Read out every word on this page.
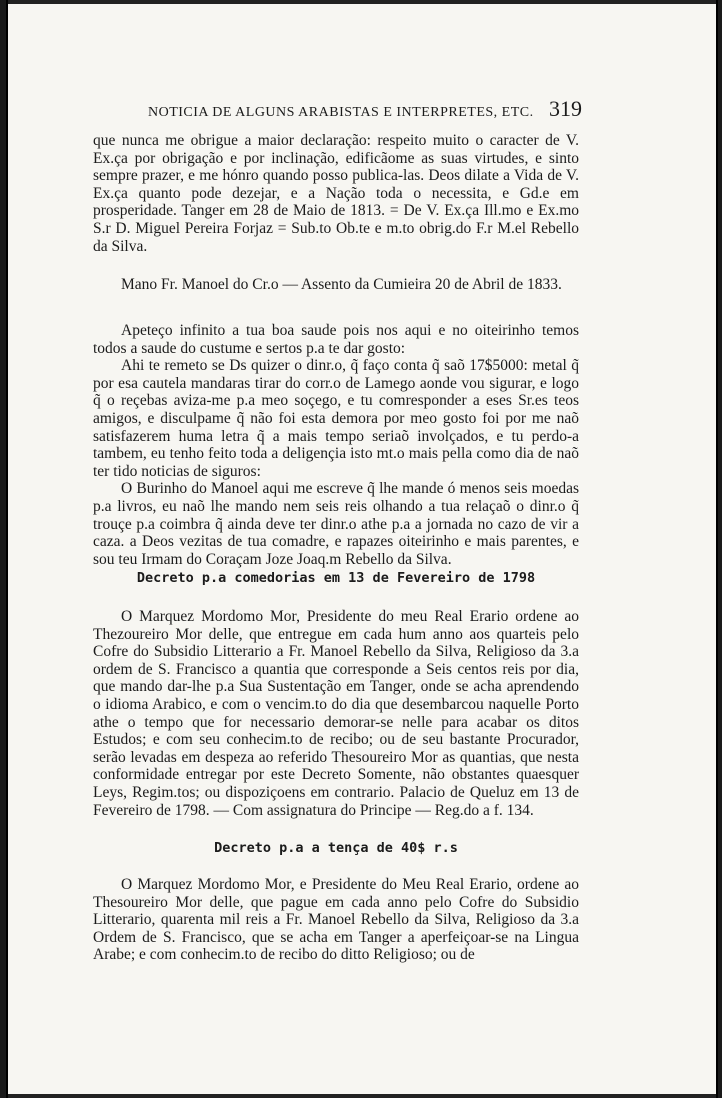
NOTICIA DE ALGUNS ARABISTAS E INTERPRETES, ETC. 319

que nunca me obrigue a maior declaração: respeito muito o caracter de V. Ex.ça por obrigação e por inclinação, edificãome as suas virtudes, e sinto sempre prazer, e me hónro quando posso publica-las. Deos dilate a Vida de V. Ex.ça quanto pode dezejar, e a Nação toda o necessita, e Gd.e em prosperidade. Tanger em 28 de Maio de 1813. = De V. Ex.ça Ill.mo e Ex.mo S.r D. Miguel Pereira Forjaz = Sub.to Ob.te e m.to obrig.do F.r M.el Rebello da Silva.

Mano Fr. Manoel do Cr.o — Assento da Cumieira 20 de Abril de 1833.

Apeteço infinito a tua boa saude pois nos aqui e no oiteirinho temos todos a saude do custume e sertos p.a te dar gosto:

Ahi te remeto se Ds quizer o dinr.o, q̃ faço conta q̃ saõ 17$5000: metal q̃ por esa cautela mandaras tirar do corr.o de Lamego aonde vou sigurar, e logo q̃ o reçebas aviza-me p.a meo soçego, e tu comresponder a eses Sr.es teos amigos, e disculpame q̃ não foi esta demora por meo gosto foi por me naõ satisfazerem huma letra q̃ a mais tempo seriaõ involçados, e tu perdo-a tambem, eu tenho feito toda a deligençia isto mt.o mais pella como dia de naõ ter tido noticias de siguros:

O Burinho do Manoel aqui me escreve q̃ lhe mande ó menos seis moedas p.a livros, eu naõ lhe mando nem seis reis olhando a tua relaçaõ o dinr.o q̃ trouçe p.a coimbra q̃ ainda deve ter dinr.o athe p.a a jornada no cazo de vir a caza. a Deos vezitas de tua comadre, e rapazes oiteirinho e mais parentes, e sou teu Irmam do Coraçam Joze Joaq.m Rebello da Silva.

Decreto p.a comedorias em 13 de Fevereiro de 1798

O Marquez Mordomo Mor, Presidente do meu Real Erario ordene ao Thezoureiro Mor delle, que entregue em cada hum anno aos quarteis pelo Cofre do Subsidio Litterario a Fr. Manoel Rebello da Silva, Religioso da 3.a ordem de S. Francisco a quantia que corresponde a Seis centos reis por dia, que mando dar-lhe p.a Sua Sustentação em Tanger, onde se acha aprendendo o idioma Arabico, e com o vencim.to do dia que desembarcou naquelle Porto athe o tempo que for necessario demorar-se nelle para acabar os ditos Estudos; e com seu conhecim.to de recibo; ou de seu bastante Procurador, serão levadas em despeza ao referido Thesoureiro Mor as quantias, que nesta conformidade entregar por este Decreto Somente, não obstantes quaesquer Leys, Regim.tos; ou dispoziçoens em contrario. Palacio de Queluz em 13 de Fevereiro de 1798. — Com assignatura do Principe — Reg.do a f. 134.

Decreto p.a a tença de 40$ r.s

O Marquez Mordomo Mor, e Presidente do Meu Real Erario, ordene ao Thesoureiro Mor delle, que pague em cada anno pelo Cofre do Subsidio Litterario, quarenta mil reis a Fr. Manoel Rebello da Silva, Religioso da 3.a Ordem de S. Francisco, que se acha em Tanger a aperfeiçoar-se na Lingua Arabe; e com conhecim.to de recibo do ditto Religioso; ou de
